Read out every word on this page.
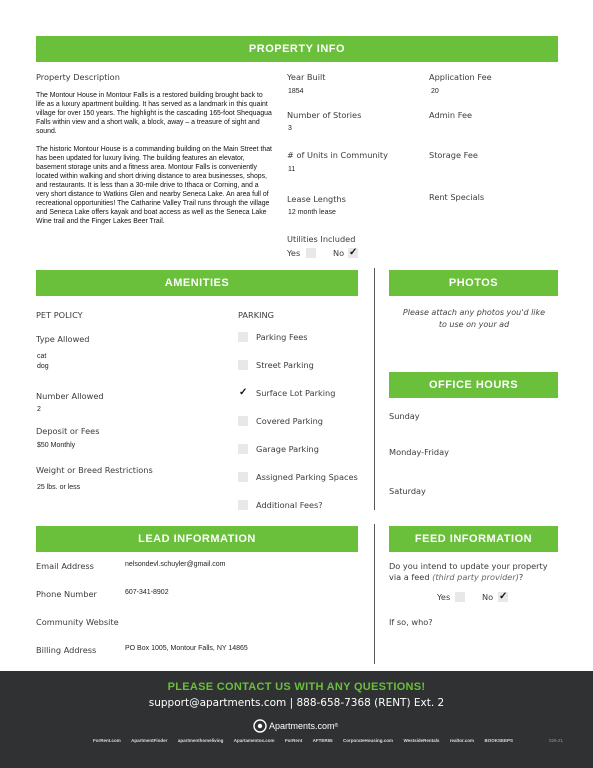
PROPERTY INFO
Property Description

The Montour House in Montour Falls is a restored building brought back to life as a luxury apartment building. It has served as a landmark in this quaint village for over 150 years. The highlight is the cascading 165-foot Shequagua Falls within view and a short walk, a block, away – a treasure of sight and sound.

The historic Montour House is a commanding building on the Main Street that has been updated for luxury living. The building features an elevator, basement storage units and a fitness area. Montour Falls is conveniently located within walking and short driving distance to area businesses, shops, and restaurants. It is less than a 30-mile drive to Ithaca or Corning, and a very short distance to Watkins Glen and nearby Seneca Lake. An area full of recreational opportunities! The Catharine Valley Trail runs through the village and Seneca Lake offers kayak and boat access as well as the Seneca Lake Wine trail and the Finger Lakes Beer Trail.

Year Built
1854
Number of Stories
3
# of Units in Community
11
Lease Lengths
12 month lease
Utilities Included
Yes	No ✓
Application Fee
20
Admin Fee
Storage Fee
Rent Specials
AMENITIES
PET POLICY
Type Allowed
cat
dog
Number Allowed
2
Deposit or Fees
$50 Monthly
Weight or Breed Restrictions
25 lbs. or less
PARKING
Parking Fees
Street Parking
✓ Surface Lot Parking
Covered Parking
Garage Parking
Assigned Parking Spaces
Additional Fees?
PHOTOS
Please attach any photos you'd like to use on your ad
OFFICE HOURS
Sunday
Monday-Friday
Saturday
LEAD INFORMATION
Email Address	nelsondevl.schuyler@gmail.com
Phone Number	607-341-8902
Community Website
Billing Address	PO Box 1005, Montour Falls, NY 14865
FEED INFORMATION
Do you intend to update your property
via a feed (third party provider)?
Yes	No ✓
If so, who?
PLEASE CONTACT US WITH ANY QUESTIONS!
support@apartments.com | 888-658-7368 (RENT) Ext. 2
Apartments.com ®
ForRent.com ApartmentFinder apartmenthomeliving Apartamentos.com ForRent AFTER55 CorporateHousing.com WestsideRentals realtor.com BOOKSEEPS	026-21
